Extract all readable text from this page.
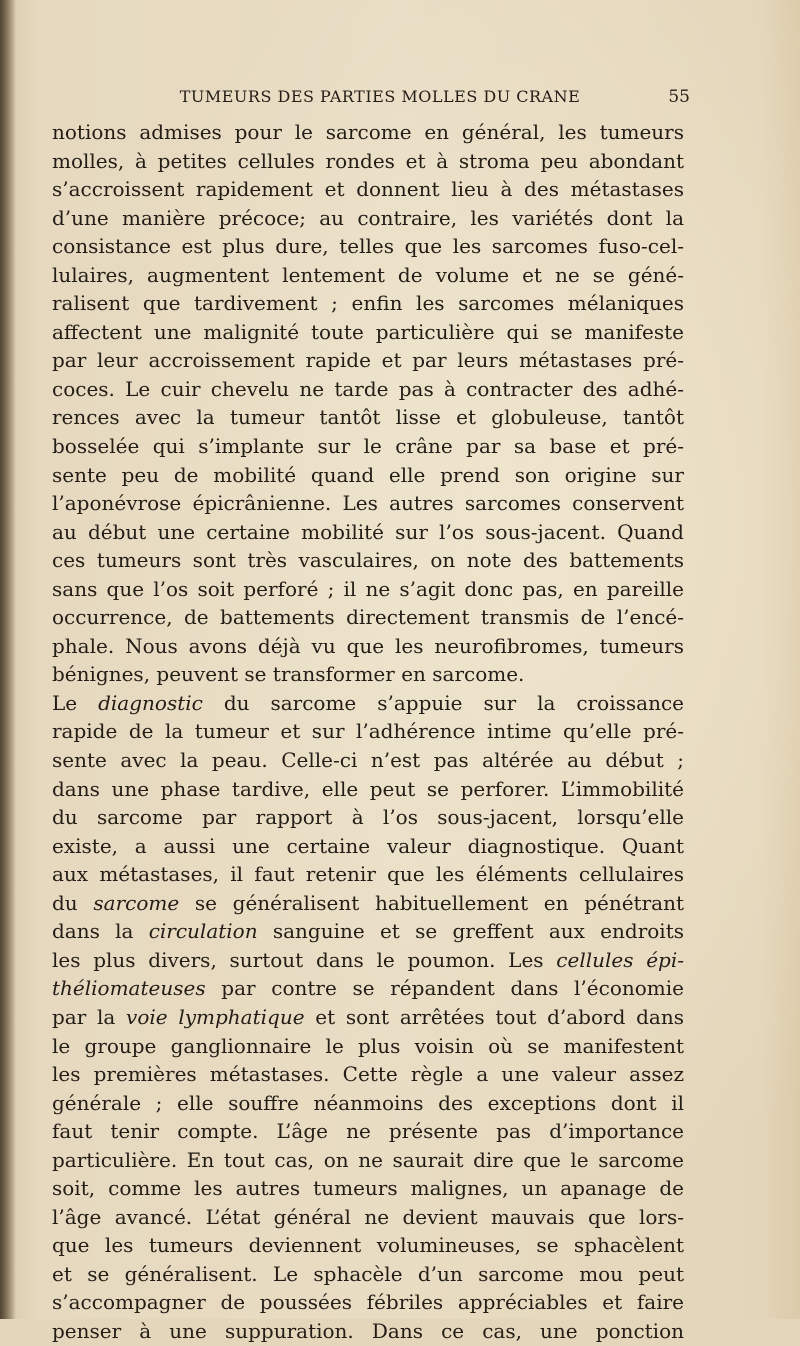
TUMEURS DES PARTIES MOLLES DU CRANE	55
notions admises pour le sarcome en général, les tumeurs
molles, à petites cellules rondes et à stroma peu abondant
s’accroissent rapidement et donnent lieu à des métastases
d’une manière précoce; au contraire, les variétés dont la
consistance est plus dure, telles que les sarcomes fuso-cel-
lulaires, augmentent lentement de volume et ne se géné-
ralisent que tardivement ; enfin les sarcomes mélaniques
affectent une malignité toute particulière qui se manifeste
par leur accroissement rapide et par leurs métastases pré-
coces. Le cuir chevelu ne tarde pas à contracter des adhé-
rences avec la tumeur tantôt lisse et globuleuse, tantôt
bosselée qui s’implante sur le crâne par sa base et pré-
sente peu de mobilité quand elle prend son origine sur
l’aponévrose épicrânienne. Les autres sarcomes conservent
au début une certaine mobilité sur l’os sous-jacent. Quand
ces tumeurs sont très vasculaires, on note des battements
sans que l’os soit perforé ; il ne s’agit donc pas, en pareille
occurrence, de battements directement transmis de l’encé-
phale. Nous avons déjà vu que les neurofibromes, tumeurs
bénignes, peuvent se transformer en sarcome.
Le diagnostic du sarcome s’appuie sur la croissance
rapide de la tumeur et sur l’adhérence intime qu’elle pré-
sente avec la peau. Celle-ci n’est pas altérée au début ;
dans une phase tardive, elle peut se perforer. L’immobilité
du sarcome par rapport à l’os sous-jacent, lorsqu’elle
existe, a aussi une certaine valeur diagnostique. Quant
aux métastases, il faut retenir que les éléments cellulaires
du sarcome se généralisent habituellement en pénétrant
dans la circulation sanguine et se greffent aux endroits
les plus divers, surtout dans le poumon. Les cellules épi-
théliomateuses par contre se répandent dans l’économie
par la voie lymphatique et sont arrêtées tout d’abord dans
le groupe ganglionnaire le plus voisin où se manifestent
les premières métastases. Cette règle a une valeur assez
générale ; elle souffre néanmoins des exceptions dont il
faut tenir compte. L’âge ne présente pas d’importance
particulière. En tout cas, on ne saurait dire que le sarcome
soit, comme les autres tumeurs malignes, un apanage de
l’âge avancé. L’état général ne devient mauvais que lors-
que les tumeurs deviennent volumineuses, se sphacèlent
et se généralisent. Le sphacèle d’un sarcome mou peut
s’accompagner de poussées fébriles appréciables et faire
penser à une suppuration. Dans ce cas, une ponction
